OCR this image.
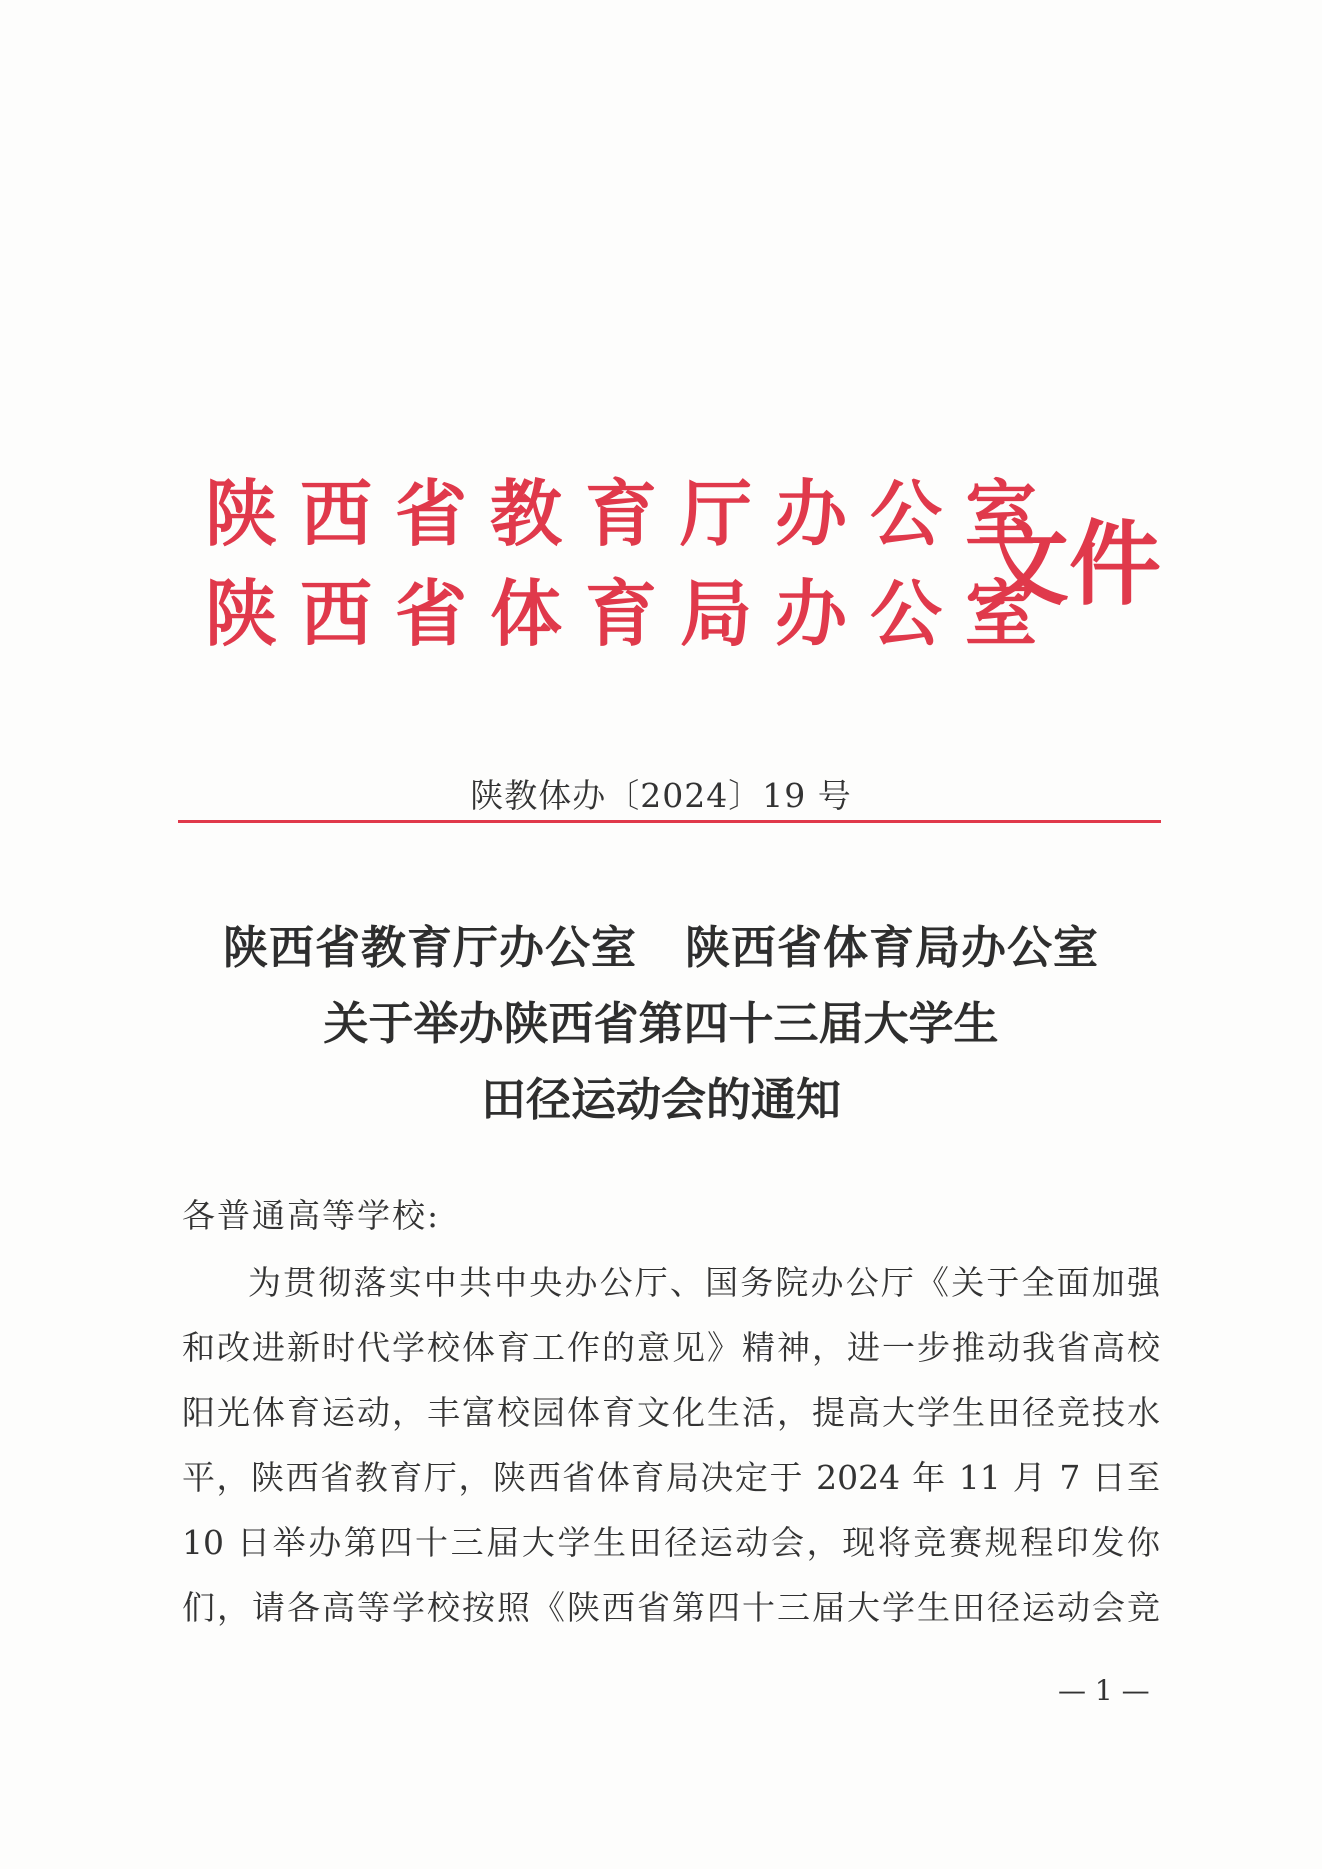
陕西省教育厅办公室
陕西省体育局办公室
文件
陕教体办〔2024〕19 号
陕西省教育厅办公室 陕西省体育局办公室
关于举办陕西省第四十三届大学生
田径运动会的通知
各普通高等学校:
为贯彻落实中共中央办公厅、国务院办公厅《关于全面加强
和改进新时代学校体育工作的意见》精神，进一步推动我省高校
阳光体育运动，丰富校园体育文化生活，提高大学生田径竞技水
平，陕西省教育厅，陕西省体育局决定于 2024 年 11 月 7 日至
10 日举办第四十三届大学生田径运动会，现将竞赛规程印发你
们，请各高等学校按照《陕西省第四十三届大学生田径运动会竞
— 1 —
